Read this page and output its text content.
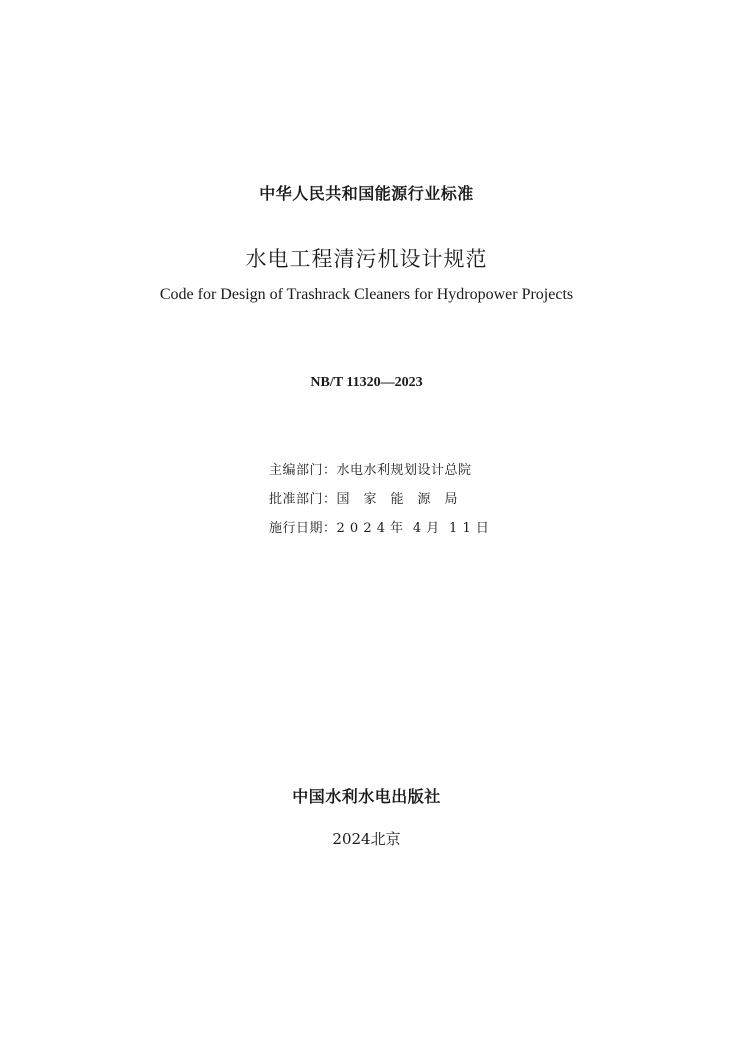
中华人民共和国能源行业标准
水电工程清污机设计规范
Code for Design of Trashrack Cleaners for Hydropower Projects
NB/T 11320—2023
主编部门：水电水利规划设计总院
批准部门：国　家　能　源　局
施行日期：2 0 2 4 年  4 月  1 1 日
中国水利水电出版社
2024北京
